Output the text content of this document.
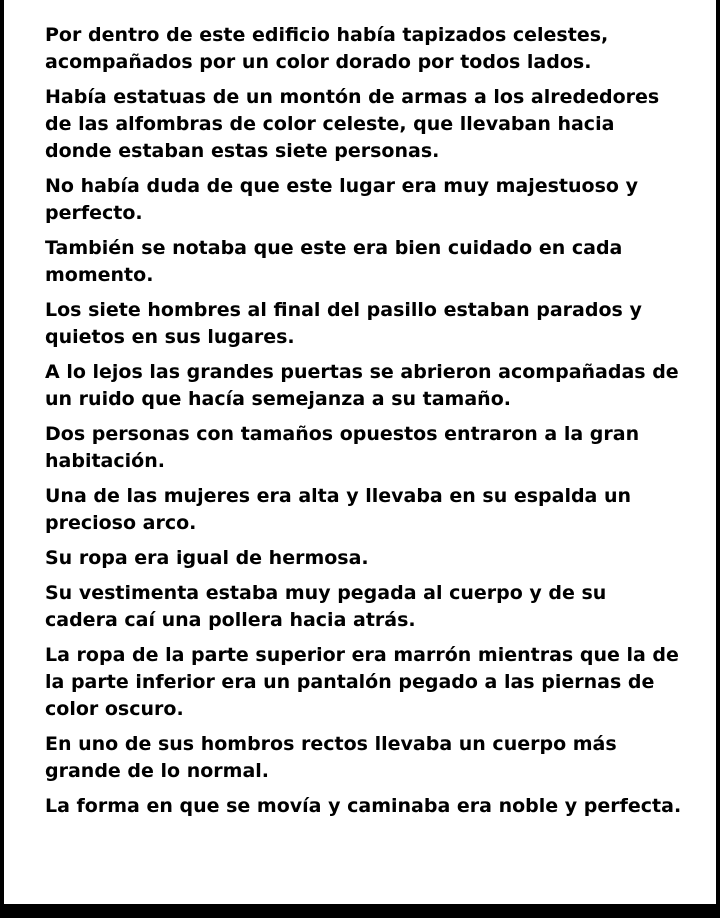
Por dentro de este edificio había tapizados celestes, acompañados por un color dorado por todos lados.

Había estatuas de un montón de armas a los alrededores de las alfombras de color celeste, que llevaban hacia donde estaban estas siete personas.

No había duda de que este lugar era muy majestuoso y perfecto.

También se notaba que este era bien cuidado en cada momento.

Los siete hombres al final del pasillo estaban parados y quietos en sus lugares.

A lo lejos las grandes puertas se abrieron acompañadas de un ruido que hacía semejanza a su tamaño.

Dos personas con tamaños opuestos entraron a la gran habitación.

Una de las mujeres era alta y llevaba en su espalda un precioso arco.

Su ropa era igual de hermosa.

Su vestimenta estaba muy pegada al cuerpo y de su cadera caí una pollera hacia atrás.

La ropa de la parte superior era marrón mientras que la de la parte inferior era un pantalón pegado a las piernas de color oscuro.

En uno de sus hombros rectos llevaba un cuerpo más grande de lo normal.

La forma en que se movía y caminaba era noble y perfecta.
